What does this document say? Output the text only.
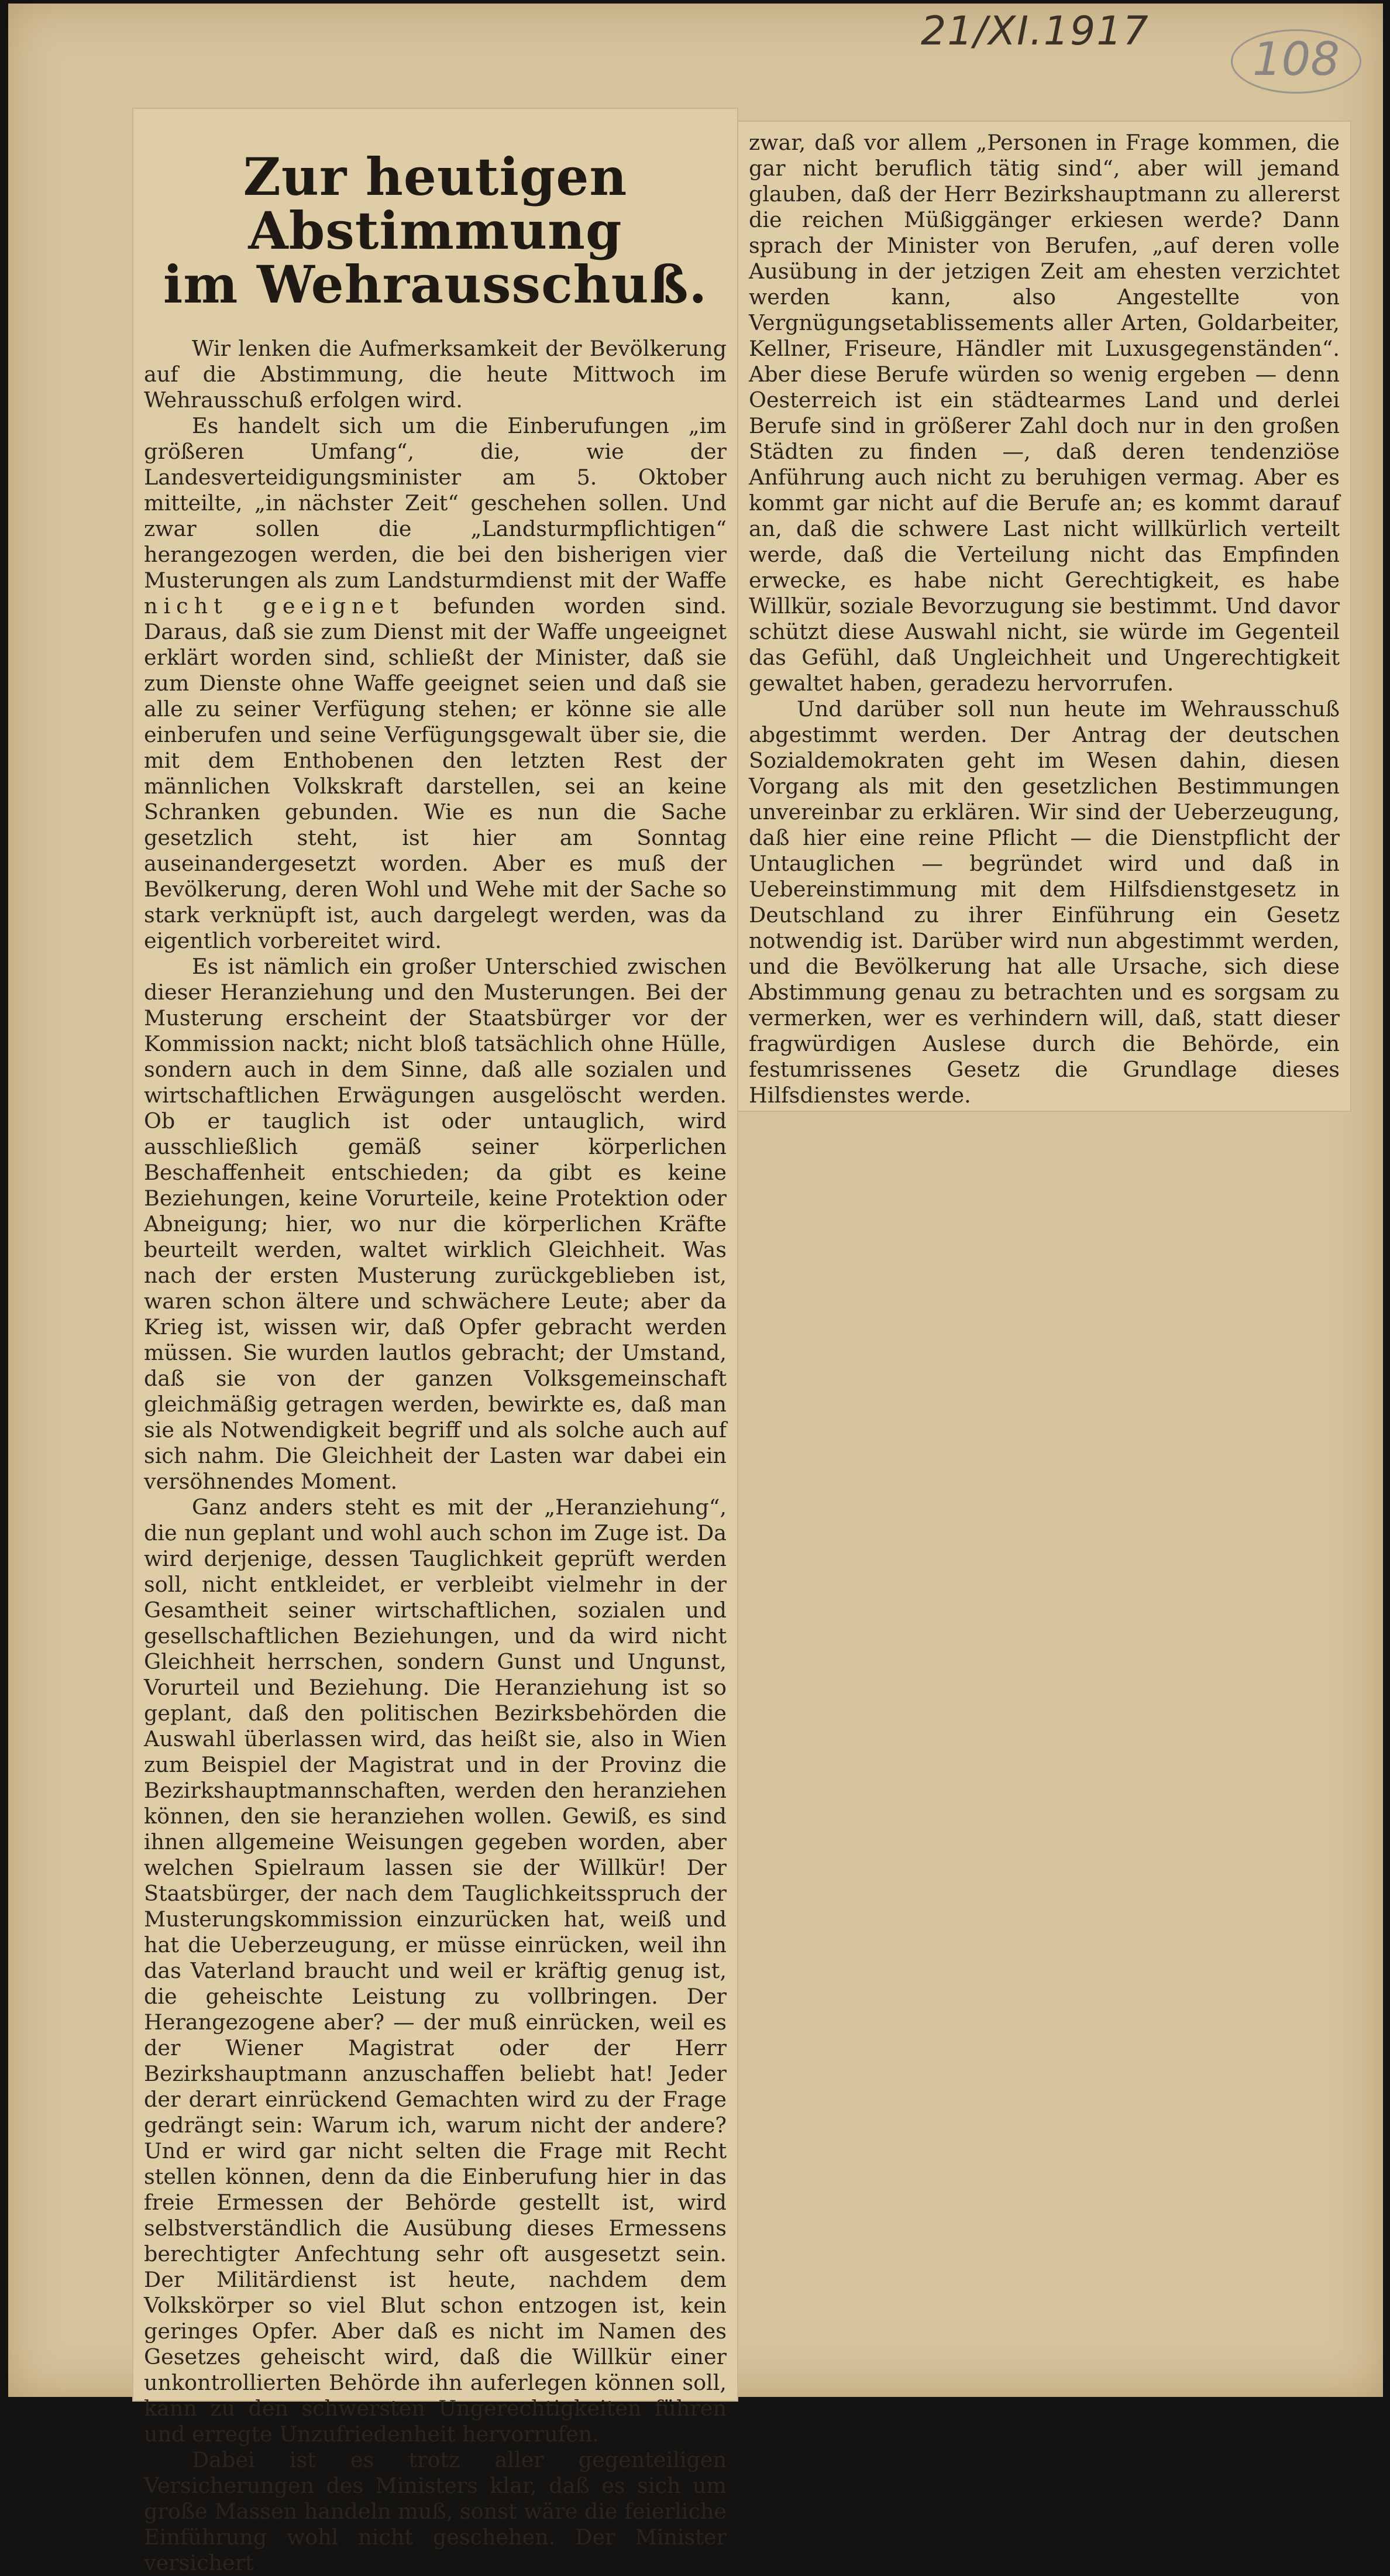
21/XI.1917
108
Zur heutigen Abstimmung
im Wehrausschuß.

Wir lenken die Aufmerksamkeit der Bevölkerung auf die Abstimmung, die heute Mittwoch im Wehrausschuß erfolgen wird.

Es handelt sich um die Einberufungen „im größeren Umfang“, die, wie der Landesverteidigungsminister am 5. Oktober mitteilte, „in nächster Zeit“ geschehen sollen. Und zwar sollen die „Landsturmpflichtigen“ herangezogen werden, die bei den bisherigen vier Musterungen als zum Landsturmdienst mit der Waffe nicht geeignet befunden worden sind. Daraus, daß sie zum Dienst mit der Waffe ungeeignet erklärt worden sind, schließt der Minister, daß sie zum Dienste ohne Waffe geeignet seien und daß sie alle zu seiner Verfügung stehen; er könne sie alle einberufen und seine Verfügungsgewalt über sie, die mit dem Enthobenen den letzten Rest der männlichen Volkskraft darstellen, sei an keine Schranken gebunden. Wie es nun die Sache gesetzlich steht, ist hier am Sonntag auseinandergesetzt worden. Aber es muß der Bevölkerung, deren Wohl und Wehe mit der Sache so stark verknüpft ist, auch dargelegt werden, was da eigentlich vorbereitet wird.

Es ist nämlich ein großer Unterschied zwischen dieser Heranziehung und den Musterungen. Bei der Musterung erscheint der Staatsbürger vor der Kommission nackt; nicht bloß tatsächlich ohne Hülle, sondern auch in dem Sinne, daß alle sozialen und wirtschaftlichen Erwägungen ausgelöscht werden. Ob er tauglich ist oder untauglich, wird ausschließlich gemäß seiner körperlichen Beschaffenheit entschieden; da gibt es keine Beziehungen, keine Vorurteile, keine Protektion oder Abneigung; hier, wo nur die körperlichen Kräfte beurteilt werden, waltet wirklich Gleichheit. Was nach der ersten Musterung zurückgeblieben ist, waren schon ältere und schwächere Leute; aber da Krieg ist, wissen wir, daß Opfer gebracht werden müssen. Sie wurden lautlos gebracht; der Umstand, daß sie von der ganzen Volksgemeinschaft gleichmäßig getragen werden, bewirkte es, daß man sie als Notwendigkeit begriff und als solche auch auf sich nahm. Die Gleichheit der Lasten war dabei ein versöhnendes Moment.

Ganz anders steht es mit der „Heranziehung“, die nun geplant und wohl auch schon im Zuge ist. Da wird derjenige, dessen Tauglichkeit geprüft werden soll, nicht entkleidet, er verbleibt vielmehr in der Gesamtheit seiner wirtschaftlichen, sozialen und gesellschaftlichen Beziehungen, und da wird nicht Gleichheit herrschen, sondern Gunst und Ungunst, Vorurteil und Beziehung. Die Heranziehung ist so geplant, daß den politischen Bezirksbehörden die Auswahl überlassen wird, das heißt sie, also in Wien zum Beispiel der Magistrat und in der Provinz die Bezirkshauptmannschaften, werden den heranziehen können, den sie heranziehen wollen. Gewiß, es sind ihnen allgemeine Weisungen gegeben worden, aber welchen Spielraum lassen sie der Willkür! Der Staatsbürger, der nach dem Tauglichkeitsspruch der Musterungskommission einzurücken hat, weiß und hat die Ueberzeugung, er müsse einrücken, weil ihn das Vaterland braucht und weil er kräftig genug ist, die geheischte Leistung zu vollbringen. Der Herangezogene aber? — der muß einrücken, weil es der Wiener Magistrat oder der Herr Bezirkshauptmann anzuschaffen beliebt hat! Jeder der derart einrückend Gemachten wird zu der Frage gedrängt sein: Warum ich, warum nicht der andere? Und er wird gar nicht selten die Frage mit Recht stellen können, denn da die Einberufung hier in das freie Ermessen der Behörde gestellt ist, wird selbstverständlich die Ausübung dieses Ermessens berechtigter Anfechtung sehr oft ausgesetzt sein. Der Militärdienst ist heute, nachdem dem Volkskörper so viel Blut schon entzogen ist, kein geringes Opfer. Aber daß es nicht im Namen des Gesetzes geheischt wird, daß die Willkür einer unkontrollierten Behörde ihn auferlegen können soll, kann zu den schwersten Ungerechtigkeiten führen und erregte Unzufriedenheit hervorrufen.

Dabei ist es trotz aller gegenteiligen Versicherungen des Ministers klar, daß es sich um große Massen handeln muß, sonst wäre die feierliche Einführung wohl nicht geschehen. Der Minister versichert

zwar, daß vor allem „Personen in Frage kommen, die gar nicht beruflich tätig sind“, aber will jemand glauben, daß der Herr Bezirkshauptmann zu allererst die reichen Müßiggänger erkiesen werde? Dann sprach der Minister von Berufen, „auf deren volle Ausübung in der jetzigen Zeit am ehesten verzichtet werden kann, also Angestellte von Vergnügungsetablissements aller Arten, Goldarbeiter, Kellner, Friseure, Händler mit Luxusgegenständen“. Aber diese Berufe würden so wenig ergeben — denn Oesterreich ist ein städtearmes Land und derlei Berufe sind in größerer Zahl doch nur in den großen Städten zu finden —, daß deren tendenziöse Anführung auch nicht zu beruhigen vermag. Aber es kommt gar nicht auf die Berufe an; es kommt darauf an, daß die schwere Last nicht willkürlich verteilt werde, daß die Verteilung nicht das Empfinden erwecke, es habe nicht Gerechtigkeit, es habe Willkür, soziale Bevorzugung sie bestimmt. Und davor schützt diese Auswahl nicht, sie würde im Gegenteil das Gefühl, daß Ungleichheit und Ungerechtigkeit gewaltet haben, geradezu hervorrufen.

Und darüber soll nun heute im Wehrausschuß abgestimmt werden. Der Antrag der deutschen Sozialdemokraten geht im Wesen dahin, diesen Vorgang als mit den gesetzlichen Bestimmungen unvereinbar zu erklären. Wir sind der Ueberzeugung, daß hier eine reine Pflicht — die Dienstpflicht der Untauglichen — begründet wird und daß in Uebereinstimmung mit dem Hilfsdienstgesetz in Deutschland zu ihrer Einführung ein Gesetz notwendig ist. Darüber wird nun abgestimmt werden, und die Bevölkerung hat alle Ursache, sich diese Abstimmung genau zu betrachten und es sorgsam zu vermerken, wer es verhindern will, daß, statt dieser fragwürdigen Auslese durch die Behörde, ein festumrissenes Gesetz die Grundlage dieses Hilfsdienstes werde.
